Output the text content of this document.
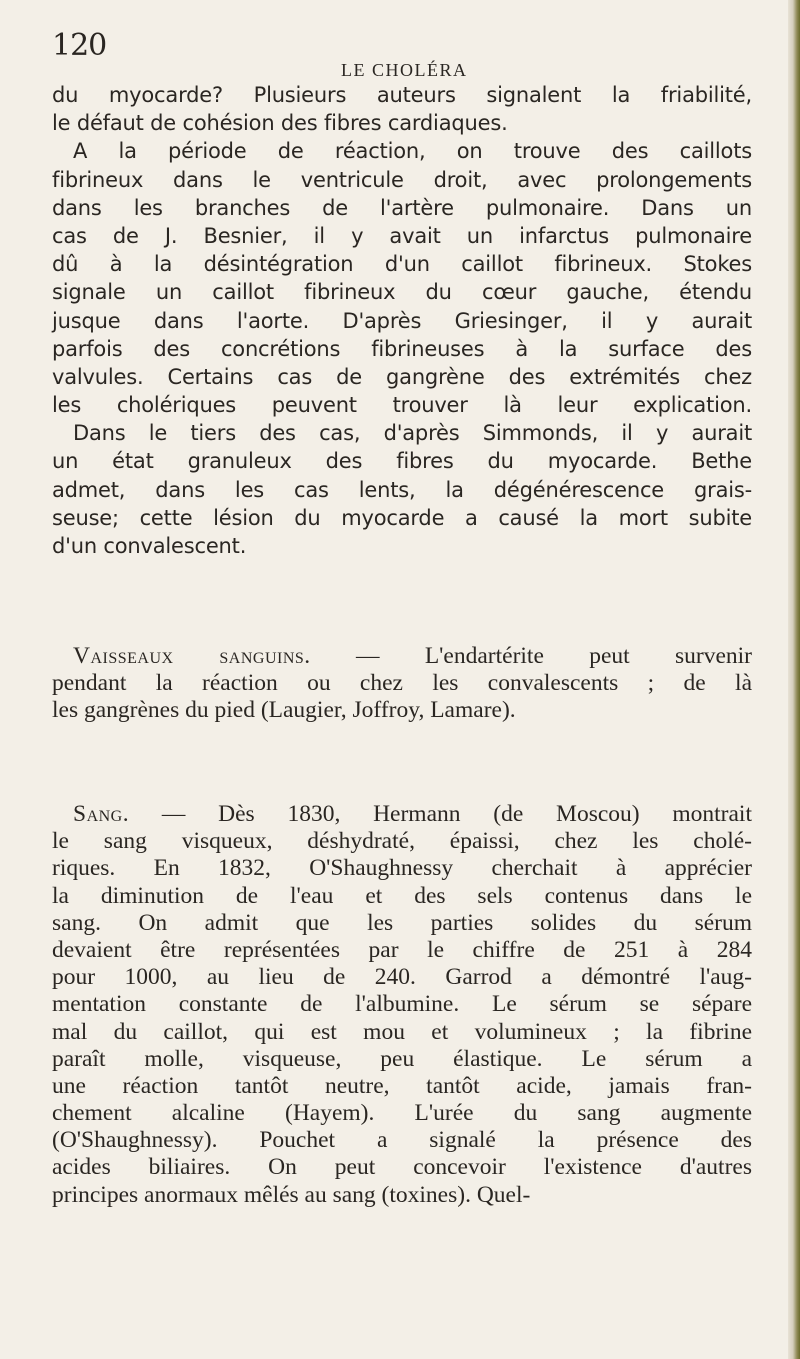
120
LE CHOLÉRA
du myocarde? Plusieurs auteurs signalent la friabilité,
le défaut de cohésion des fibres cardiaques.
A la période de réaction, on trouve des caillots
fibrineux dans le ventricule droit, avec prolongements
dans les branches de l'artère pulmonaire. Dans un
cas de J. Besnier, il y avait un infarctus pulmonaire
dû à la désintégration d'un caillot fibrineux. Stokes
signale un caillot fibrineux du cœur gauche, étendu
jusque dans l'aorte. D'après Griesinger, il y aurait
parfois des concrétions fibrineuses à la surface des
valvules. Certains cas de gangrène des extrémités chez
les cholériques peuvent trouver là leur explication.
Dans le tiers des cas, d'après Simmonds, il y aurait
un état granuleux des fibres du myocarde. Bethe
admet, dans les cas lents, la dégénérescence grais-
seuse; cette lésion du myocarde a causé la mort subite
d'un convalescent.
Vaisseaux sanguins. — L'endartérite peut survenir
pendant la réaction ou chez les convalescents ; de là
les gangrènes du pied (Laugier, Joffroy, Lamare).
Sang. — Dès 1830, Hermann (de Moscou) montrait
le sang visqueux, déshydraté, épaissi, chez les cholé-
riques. En 1832, O'Shaughnessy cherchait à apprécier
la diminution de l'eau et des sels contenus dans le
sang. On admit que les parties solides du sérum
devaient être représentées par le chiffre de 251 à 284
pour 1000, au lieu de 240. Garrod a démontré l'aug-
mentation constante de l'albumine. Le sérum se sépare
mal du caillot, qui est mou et volumineux ; la fibrine
paraît molle, visqueuse, peu élastique. Le sérum a
une réaction tantôt neutre, tantôt acide, jamais fran-
chement alcaline (Hayem). L'urée du sang augmente
(O'Shaughnessy). Pouchet a signalé la présence des
acides biliaires. On peut concevoir l'existence d'autres
principes anormaux mêlés au sang (toxines). Quel-
